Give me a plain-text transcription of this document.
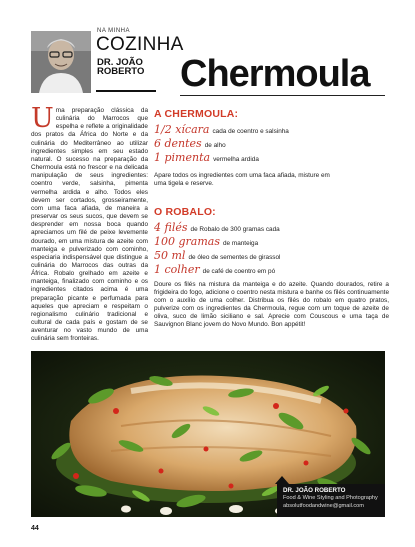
NA MINHA
COZINHA
DR. JOÃO
ROBERTO Chermoula
Uma preparação clássica da culinária do Marrocos que espelha e reflete a originalidade dos pratos da África do Norte e da culinária do Mediterrâneo ao utilizar ingredientes simples em seu estado natural. O sucesso na preparação da Chermoula está no frescor e na delicada manipulação de seus ingredientes: coentro verde, salsinha, pimenta vermelha ardida e alho. Todos eles devem ser cortados, grosseiramente, com uma faca afiada, de maneira a preservar os seus sucos, que devem se desprender em nossa boca quando apreciamos um filé de peixe levemente dourado, em uma mistura de azeite com manteiga e pulverizado com cominho, especiaria indispensável que distingue a culinária do Marrocos das outras da África. Robalo grelhado em azeite e manteiga, finalizado com cominho e os ingredientes citados acima é uma preparação picante e perfumada para aqueles que apreciam e respeitam o regionalismo culinário tradicional e cultural de cada país e gostam de se aventurar no vasto mundo de uma culinária sem fronteiras.
A CHERMOULA:
1/2 xícara cada de coentro e salsinha
6 dentes de alho
1 pimenta vermelha ardida
Apare todos os ingredientes com uma faca afiada, misture em uma tigela e reserve.
O ROBALO:
4 filés de Robalo de 300 gramas cada
100 gramas de manteiga
50 ml de óleo de sementes de girassol
1 colher de café de coentro em pó
Doure os filés na mistura da manteiga e do azeite. Quando dourados, retire a frigideira do fogo, adicione o coentro nesta mistura e banhe os filés continuamente com o auxílio de uma colher. Distribua os filés do robalo em quatro pratos, pulverize com os ingredientes da Chermoula, regue com um toque de azeite de oliva, suco de limão siciliano e sal. Aprecie com Couscous e uma taça de Sauvignon Blanc jovem do Novo Mundo. Bon appétit!
DR. JOÃO ROBERTO
Food & Wine Styling and Photography
absolutfoodandwine@gmail.com
44
